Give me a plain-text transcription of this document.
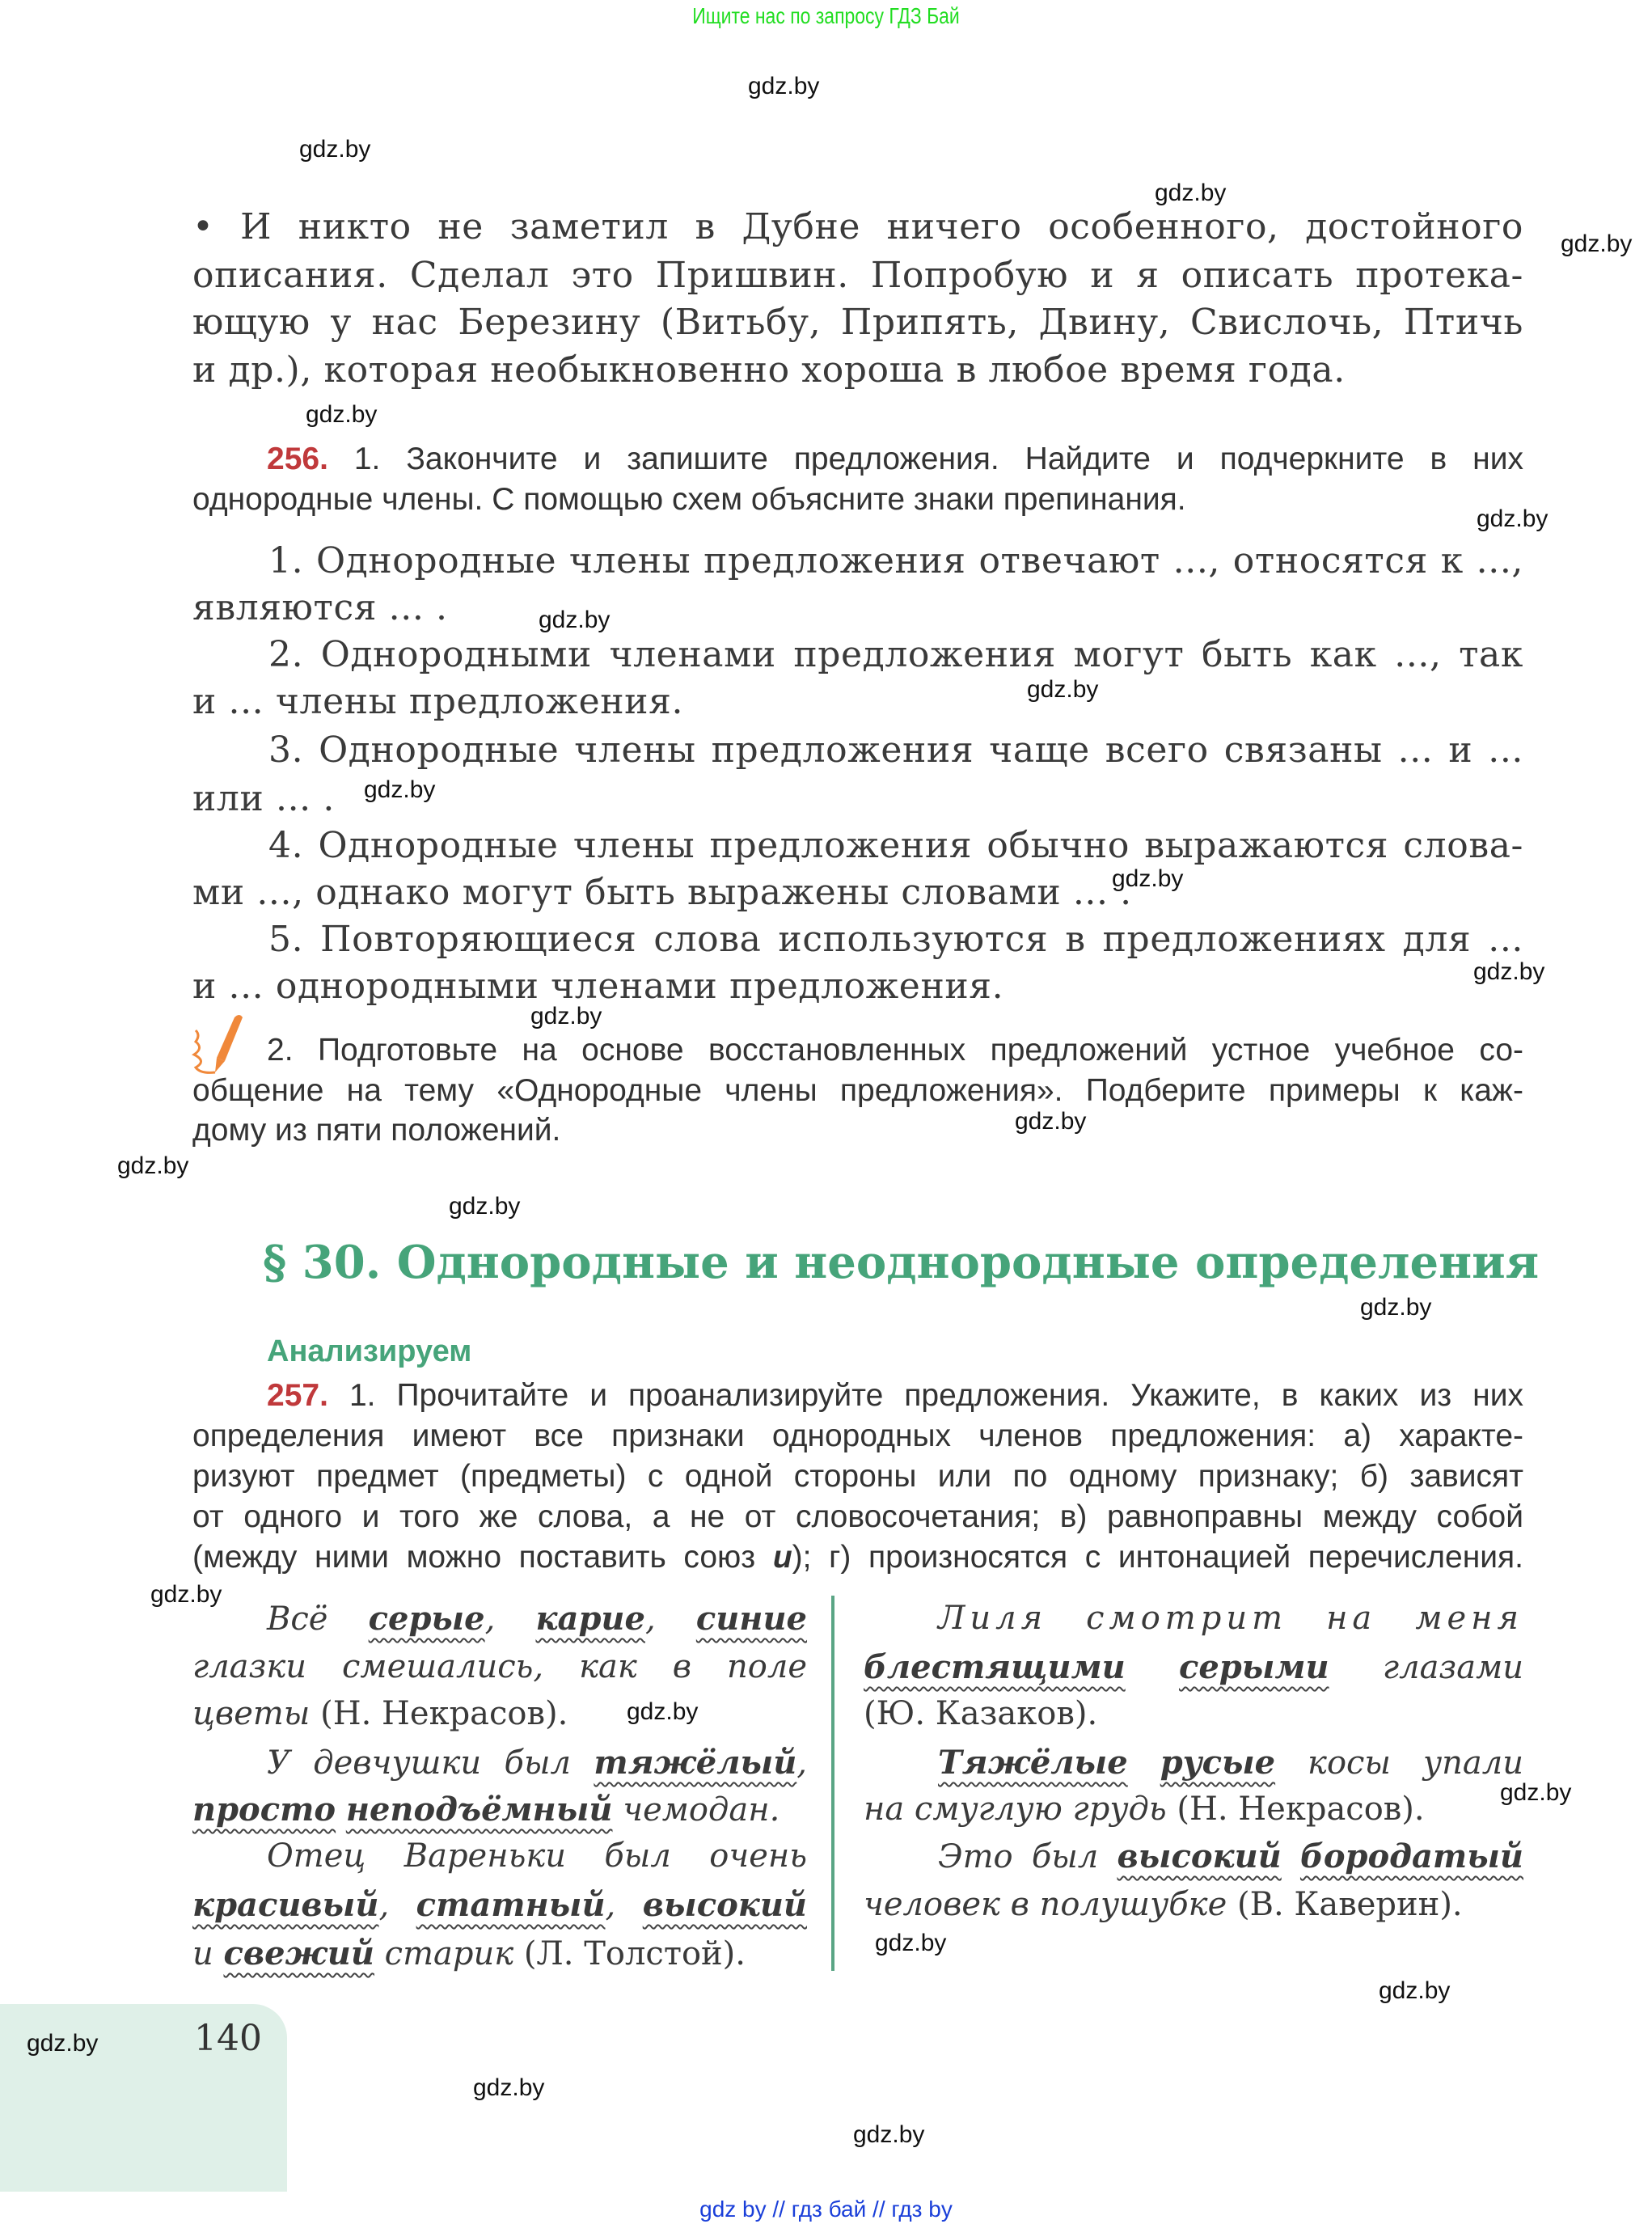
Ищите нас по запросу ГДЗ Бай
• И никто не заметил в Дубне ничего особенного, достойного
описания. Сделал это Пришвин. Попробую и я описать протека-
ющую у нас Березину (Витьбу, Припять, Двину, Свислочь, Птичь
и др.), которая необыкновенно хороша в любое время года.
256. 1. Закончите и запишите предложения. Найдите и подчеркните в них
однородные члены. С помощью схем объясните знаки препинания.
1. Однородные члены предложения отвечают ..., относятся к ...,
являются ... .
2. Однородными членами предложения могут быть как ..., так
и ... члены предложения.
3. Однородные члены предложения чаще всего связаны ... и ...
или ... .
4. Однородные члены предложения обычно выражаются слова-
ми ..., однако могут быть выражены словами ... .
5. Повторяющиеся слова используются в предложениях для ...
и ... однородными членами предложения.
2. Подготовьте на основе восстановленных предложений устное учебное со-
общение на тему «Однородные члены предложения». Подберите примеры к каж-
дому из пяти положений.
§ 30. Однородные и неоднородные определения
Анализируем
257. 1. Прочитайте и проанализируйте предложения. Укажите, в каких из них
определения имеют все признаки однородных членов предложения: а) характе-
ризуют предмет (предметы) с одной стороны или по одному признаку; б) зависят
от одного и того же слова, а не от словосочетания; в) равноправны между собой
(между ними можно поставить союз и); г) произносятся с интонацией перечисления.
Всё серые, карие, синие
глазки смешались, как в поле
цветы (Н. Некрасов).
У девчушки был тяжёлый,
просто неподъёмный чемодан.
Отец Вареньки был очень
красивый, статный, высокий
и свежий старик (Л. Толстой).
Лиля смотрит на меня
блестящими серыми глазами
(Ю. Казаков).
Тяжёлые русые косы упали
на смуглую грудь (Н. Некрасов).
Это был высокий бородатый
человек в полушубке (В. Каверин).
140
gdz.by
gdz.by
gdz.by
gdz.by
gdz.by
gdz.by
gdz.by
gdz.by
gdz.by
gdz.by
gdz.by
gdz.by
gdz.by
gdz.by
gdz.by
gdz.by
gdz.by
gdz.by
gdz.by
gdz.by
gdz.by
gdz.by
gdz.by
gdz.by
gdz by // гдз бай // гдз by
